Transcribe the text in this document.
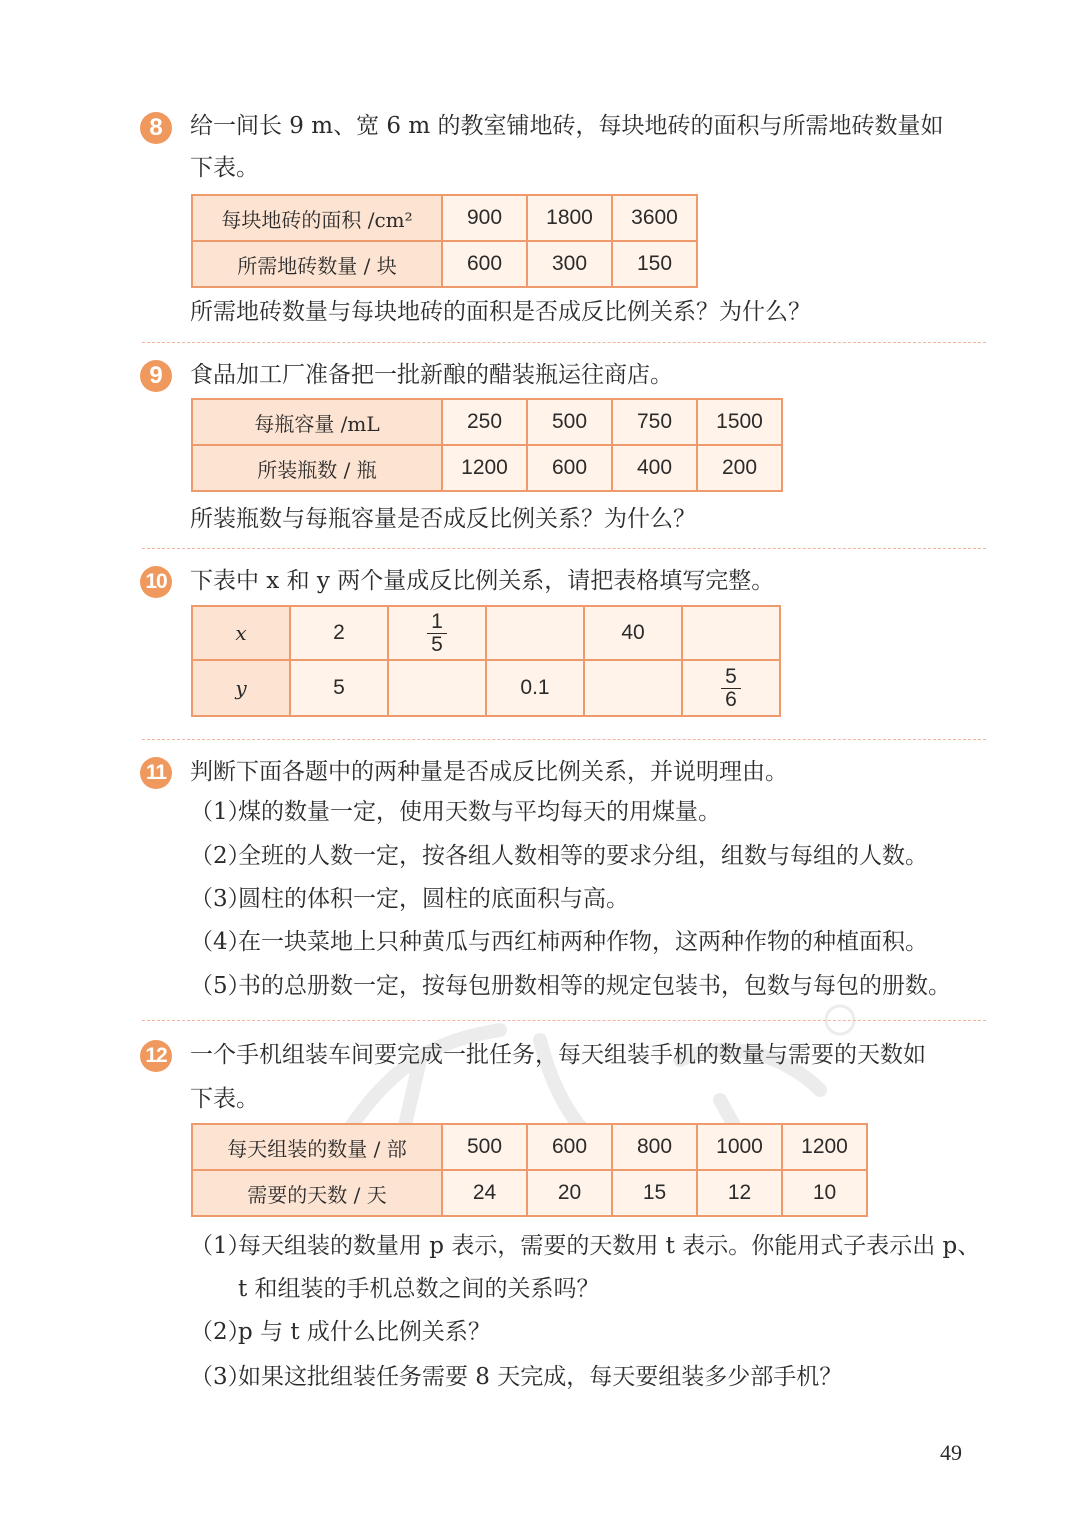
8	给一间长 9 m、宽 6 m 的教室铺地砖，每块地砖的面积与所需地砖数量如
下表。
每块地砖的面积 /cm²	900	1800	3600
所需地砖数量 / 块	600	300	150
所需地砖数量与每块地砖的面积是否成反比例关系？为什么？
9	食品加工厂准备把一批新酿的醋装瓶运往商店。
每瓶容量 /mL	250	500	750	1500
所装瓶数 / 瓶	1200	600	400	200
所装瓶数与每瓶容量是否成反比例关系？为什么？
10 下表中 x 和 y 两个量成反比例关系，请把表格填写完整。
x	2	$\frac{1}{5}$		40	
y	5		0.1		$\frac{5}{6}$
11 判断下面各题中的两种量是否成反比例关系，并说明理由。
（1）煤的数量一定，使用天数与平均每天的用煤量。
（2）全班的人数一定，按各组人数相等的要求分组，组数与每组的人数。
（3）圆柱的体积一定，圆柱的底面积与高。
（4）在一块菜地上只种黄瓜与西红柿两种作物，这两种作物的种植面积。
（5）书的总册数一定，按每包册数相等的规定包装书，包数与每包的册数。
12 一个手机组装车间要完成一批任务，每天组装手机的数量与需要的天数如
下表。
每天组装的数量 / 部	500	600	800	1000	1200
需要的天数 / 天	24	20	15	12	10
（1）每天组装的数量用 p 表示，需要的天数用 t 表示。你能用式子表示出 p、
t 和组装的手机总数之间的关系吗？
（2）p 与 t 成什么比例关系？
（3）如果这批组装任务需要 8 天完成，每天要组装多少部手机？
49
